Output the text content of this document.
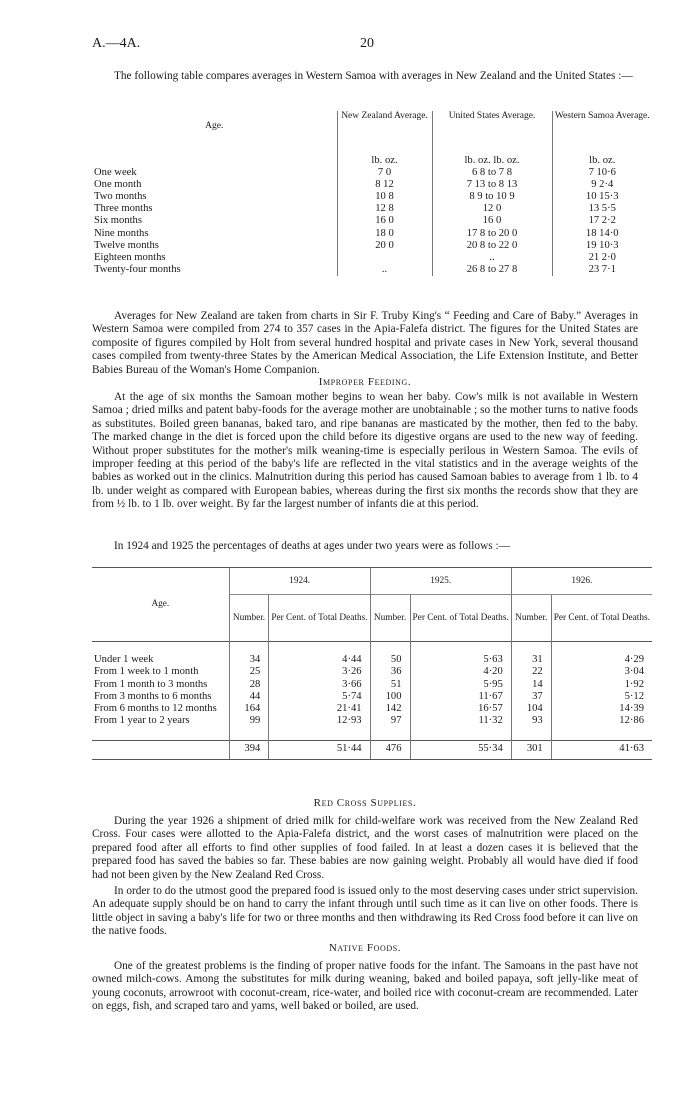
A.—4A.	20

The following table compares averages in Western Samoa with averages in New Zealand and the United States :—

Age.	New Zealand Average.	United States Average.	Western Samoa Average.

	lb. oz.	lb. oz. lb. oz.	lb. oz.
One week	7 0	6 8 to 7 8	7 10·6
One month	8 12	7 13 to 8 13	9 2·4
Two months	10 8	8 9 to 10 9	10 15·3
Three months	12 8	12 0	13 5·5
Six months	16 0	16 0	17 2·2
Nine months	18 0	17 8 to 20 0	18 14·0
Twelve months	20 0	20 8 to 22 0	19 10·3
Eighteen months		..	21 2·0
Twenty-four months	..	26 8 to 27 8	23 7·1

Averages for New Zealand are taken from charts in Sir F. Truby King's “ Feeding and Care of Baby.” Averages in Western Samoa were compiled from 274 to 357 cases in the Apia-Falefa district. The figures for the United States are composite of figures compiled by Holt from several hundred hospital and private cases in New York, several thousand cases compiled from twenty-three States by the American Medical Association, the Life Extension Institute, and Better Babies Bureau of the Woman's Home Companion.

Improper Feeding.

At the age of six months the Samoan mother begins to wean her baby. Cow's milk is not available in Western Samoa ; dried milks and patent baby-foods for the average mother are unobtainable ; so the mother turns to native foods as substitutes. Boiled green bananas, baked taro, and ripe bananas are masticated by the mother, then fed to the baby. The marked change in the diet is forced upon the child before its digestive organs are used to the new way of feeding. Without proper substitutes for the mother's milk weaning-time is especially perilous in Western Samoa. The evils of improper feeding at this period of the baby's life are reflected in the vital statistics and in the average weights of the babies as worked out in the clinics. Malnutrition during this period has caused Samoan babies to average from 1 lb. to 4 lb. under weight as compared with European babies, whereas during the first six months the records show that they are from ½ lb. to 1 lb. over weight. By far the largest number of infants die at this period.

In 1924 and 1925 the percentages of deaths at ages under two years were as follows :—

Age.	1924.		1925.		1926.	
	Number.	Per Cent. of Total Deaths.	Number.	Per Cent. of Total Deaths.	Number.	Per Cent. of Total Deaths.

Under 1 week	34	4·44	50	5·63	31	4·29
From 1 week to 1 month	25	3·26	36	4·20	22	3·04
From 1 month to 3 months	28	3·66	51	5·95	14	1·92
From 3 months to 6 months	44	5·74	100	11·67	37	5·12
From 6 months to 12 months	164	21·41	142	16·57	104	14·39
From 1 year to 2 years	99	12·93	97	11·32	93	12·86

	394	51·44	476	55·34	301	41·63
Red Cross Supplies.

During the year 1926 a shipment of dried milk for child-welfare work was received from the New Zealand Red Cross. Four cases were allotted to the Apia-Falefa district, and the worst cases of malnutrition were placed on the prepared food after all efforts to find other supplies of food failed. In at least a dozen cases it is believed that the prepared food has saved the babies so far. These babies are now gaining weight. Probably all would have died if food had not been given by the New Zealand Red Cross.

In order to do the utmost good the prepared food is issued only to the most deserving cases under strict supervision. An adequate supply should be on hand to carry the infant through until such time as it can live on other foods. There is little object in saving a baby's life for two or three months and then withdrawing its Red Cross food before it can live on the native foods.

Native Foods.

One of the greatest problems is the finding of proper native foods for the infant. The Samoans in the past have not owned milch-cows. Among the substitutes for milk during weaning, baked and boiled papaya, soft jelly-like meat of young coconuts, arrowroot with coconut-cream, rice-water, and boiled rice with coconut-cream are recommended. Later on eggs, fish, and scraped taro and yams, well baked or boiled, are used.
